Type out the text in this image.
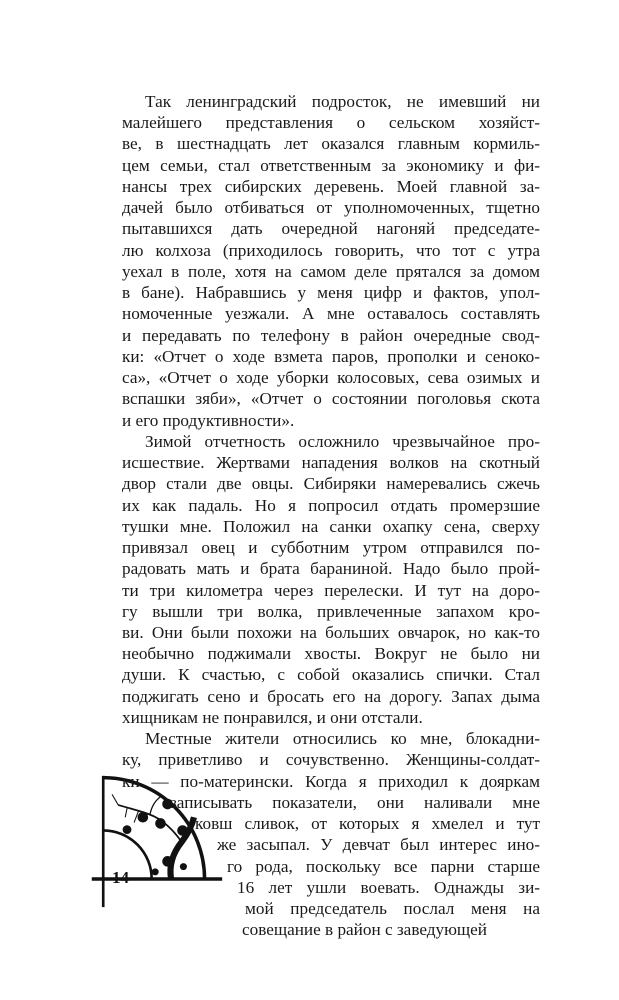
Так ленинградский подросток, не имевший ни
малейшего представления о сельском хозяйст-
ве, в шестнадцать лет оказался главным кормиль-
цем семьи, стал ответственным за экономику и фи-
нансы трех сибирских деревень. Моей главной за-
дачей было отбиваться от уполномоченных, тщетно
пытавшихся дать очередной нагоняй председате-
лю колхоза (приходилось говорить, что тот с утра
уехал в поле, хотя на самом деле прятался за домом
в бане). Набравшись у меня цифр и фактов, упол-
номоченные уезжали. А мне оставалось составлять
и передавать по телефону в район очередные свод-
ки: «Отчет о ходе взмета паров, прополки и сеноко-
са», «Отчет о ходе уборки колосовых, сева озимых и
вспашки зяби», «Отчет о состоянии поголовья скота
и его продуктивности».
Зимой отчетность осложнило чрезвычайное про-
исшествие. Жертвами нападения волков на скотный
двор стали две овцы. Сибиряки намеревались сжечь
их как падаль. Но я попросил отдать промерзшие
тушки мне. Положил на санки охапку сена, сверху
привязал овец и субботним утром отправился по-
радовать мать и брата бараниной. Надо было прой-
ти три километра через перелески. И тут на доро-
гу вышли три волка, привлеченные запахом кро-
ви. Они были похожи на больших овчарок, но как-то
необычно поджимали хвосты. Вокруг не было ни
души. К счастью, с собой оказались спички. Стал
поджигать сено и бросать его на дорогу. Запах дыма
хищникам не понравился, и они отстали.
Местные жители относились ко мне, блокадни-
ку, приветливо и сочувственно. Женщины-солдат-
ки — по-матерински. Когда я приходил к дояркам
записывать показатели, они наливали мне
ковш сливок, от которых я хмелел и тут
же засыпал. У девчат был интерес ино-
го рода, поскольку все парни старше
16 лет ушли воевать. Однажды зи-
мой председатель послал меня на
совещание в район с заведующей
14
